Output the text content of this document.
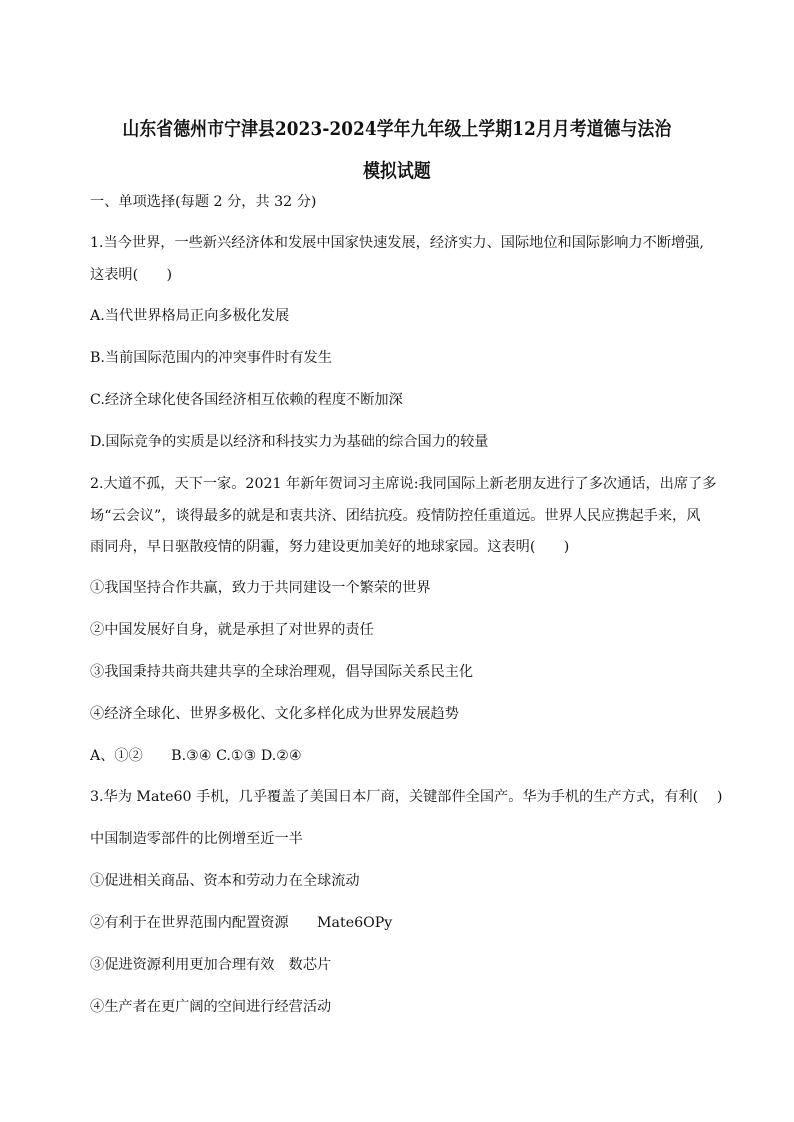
山东省德州市宁津县2023-2024学年九年级上学期12月月考道德与法治
模拟试题
一、单项选择(每题 2 分，共 32 分)
1.当今世界，一些新兴经济体和发展中国家快速发展，经济实力、国际地位和国际影响力不断增强,
这表明(　　)
A.当代世界格局正向多极化发展
B.当前国际范围内的冲突事件时有发生
C.经济全球化使各国经济相互依赖的程度不断加深
D.国际竞争的实质是以经济和科技实力为基础的综合国力的较量
2.大道不孤，天下一家。2021 年新年贺词习主席说:我同国际上新老朋友进行了多次通话，出席了多
场“云会议”，谈得最多的就是和衷共济、团结抗疫。疫情防控任重道远。世界人民应携起手来，风
雨同舟，早日驱散疫情的阴霾，努力建设更加美好的地球家园。这表明(　　)
①我国坚持合作共赢，致力于共同建设一个繁荣的世界
②中国发展好自身，就是承担了对世界的责任
③我国秉持共商共建共享的全球治理观，倡导国际关系民主化
④经济全球化、世界多极化、文化多样化成为世界发展趋势
A、①②　　B.③④ C.①③ D.②④
3.华为 Mate60 手机，几乎覆盖了美国日本厂商，关键部件全国产。华为手机的生产方式，有利(　 )
中国制造零部件的比例增至近一半
①促进相关商品、资本和劳动力在全球流动
②有利于在世界范围内配置资源　　Mate6OPy
③促进资源利用更加合理有效　数芯片
④生产者在更广阔的空间进行经营活动
